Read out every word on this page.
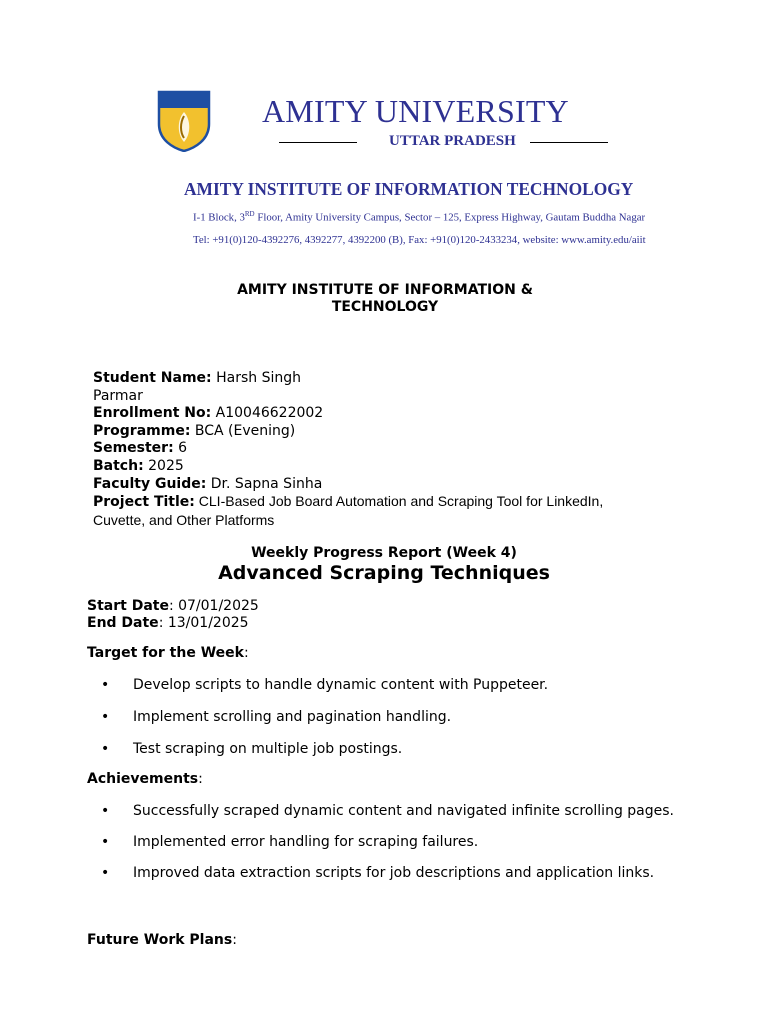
AMITY UNIVERSITY
UTTAR PRADESH
AMITY INSTITUTE OF INFORMATION TECHNOLOGY
I-1 Block, 3RD Floor, Amity University Campus, Sector – 125, Express Highway, Gautam Buddha Nagar
Tel: +91(0)120-4392276, 4392277, 4392200 (B), Fax: +91(0)120-2433234, website: www.amity.edu/aiit
AMITY INSTITUTE OF INFORMATION &
TECHNOLOGY
Student Name: Harsh Singh
Parmar
Enrollment No: A10046622002
Programme: BCA (Evening)
Semester: 6
Batch: 2025
Faculty Guide: Dr. Sapna Sinha
Project Title: CLI-Based Job Board Automation and Scraping Tool for LinkedIn,
Cuvette, and Other Platforms
Weekly Progress Report (Week 4)
Advanced Scraping Techniques
Start Date: 07/01/2025
End Date: 13/01/2025
Target for the Week:
• Develop scripts to handle dynamic content with Puppeteer.
• Implement scrolling and pagination handling.
• Test scraping on multiple job postings.
Achievements:
• Successfully scraped dynamic content and navigated infinite scrolling pages.
• Implemented error handling for scraping failures.
• Improved data extraction scripts for job descriptions and application links.
Future Work Plans:
